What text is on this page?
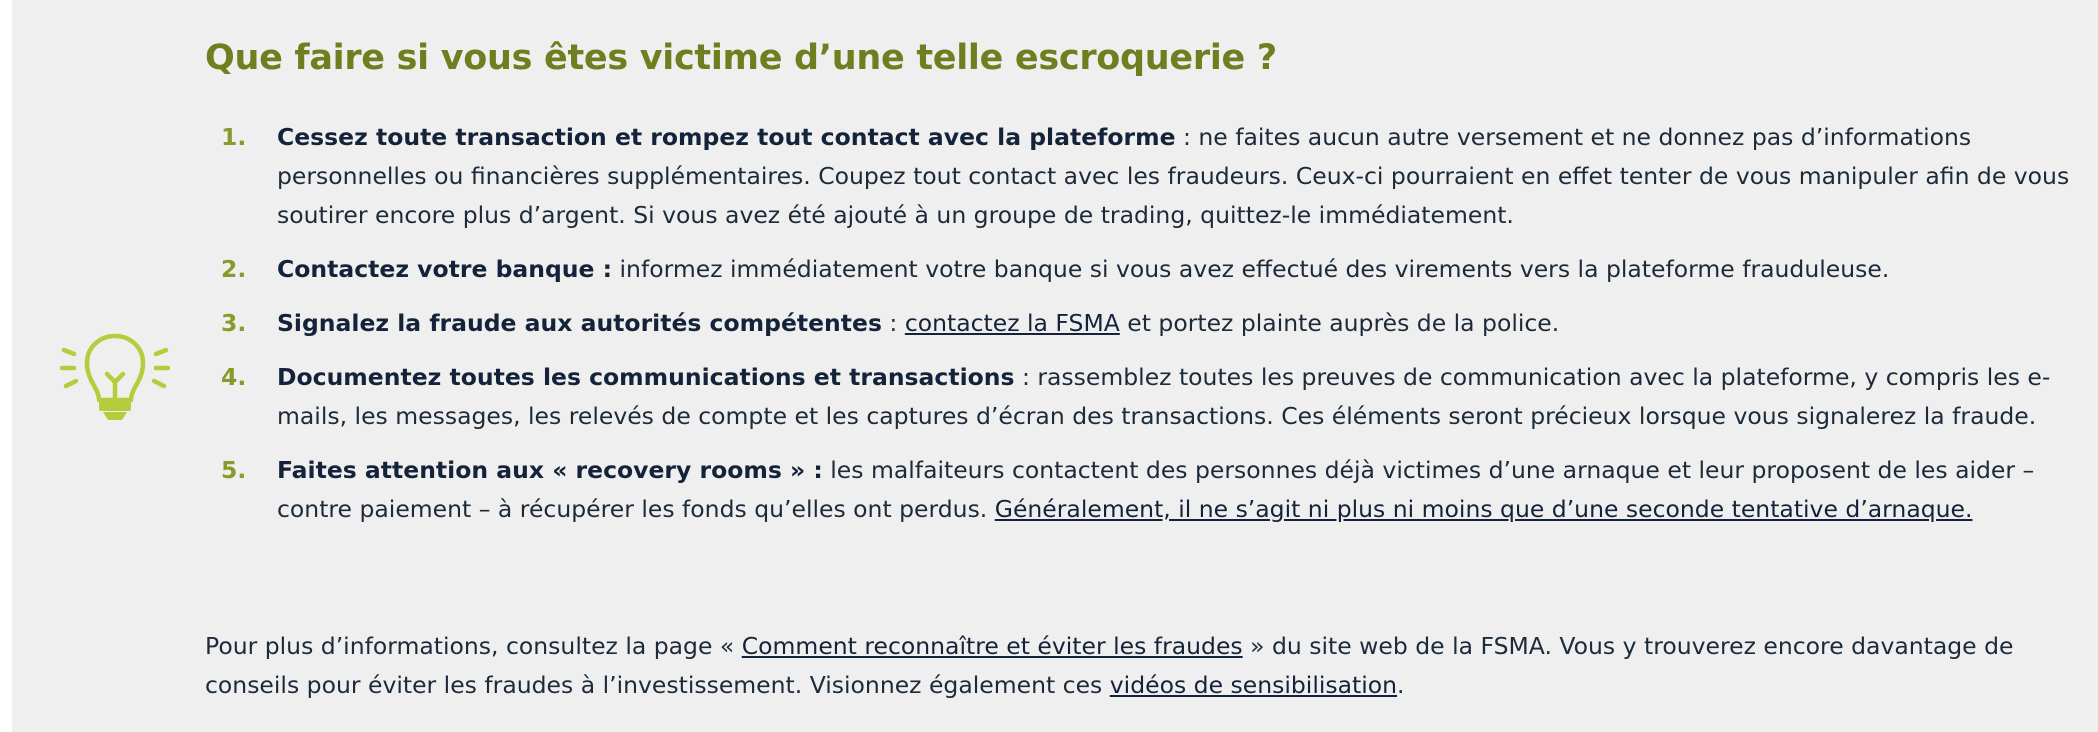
Que faire si vous êtes victime d’une telle escroquerie ?
1. Cessez toute transaction et rompez tout contact avec la plateforme : ne faites aucun autre versement et ne donnez pas d’informations personnelles ou financières supplémentaires. Coupez tout contact avec les fraudeurs. Ceux-ci pourraient en effet tenter de vous manipuler afin de vous soutirer encore plus d’argent. Si vous avez été ajouté à un groupe de trading, quittez-le immédiatement.
2. Contactez votre banque : informez immédiatement votre banque si vous avez effectué des virements vers la plateforme frauduleuse.
3. Signalez la fraude aux autorités compétentes : contactez la FSMA et portez plainte auprès de la police.
4. Documentez toutes les communications et transactions : rassemblez toutes les preuves de communication avec la plateforme, y compris les e-mails, les messages, les relevés de compte et les captures d’écran des transactions. Ces éléments seront précieux lorsque vous signalerez la fraude.
5. Faites attention aux « recovery rooms » : les malfaiteurs contactent des personnes déjà victimes d’une arnaque et leur proposent de les aider – contre paiement – à récupérer les fonds qu’elles ont perdus. Généralement, il ne s’agit ni plus ni moins que d’une seconde tentative d’arnaque.

Pour plus d’informations, consultez la page « Comment reconnaître et éviter les fraudes » du site web de la FSMA. Vous y trouverez encore davantage de conseils pour éviter les fraudes à l’investissement. Visionnez également ces vidéos de sensibilisation.
